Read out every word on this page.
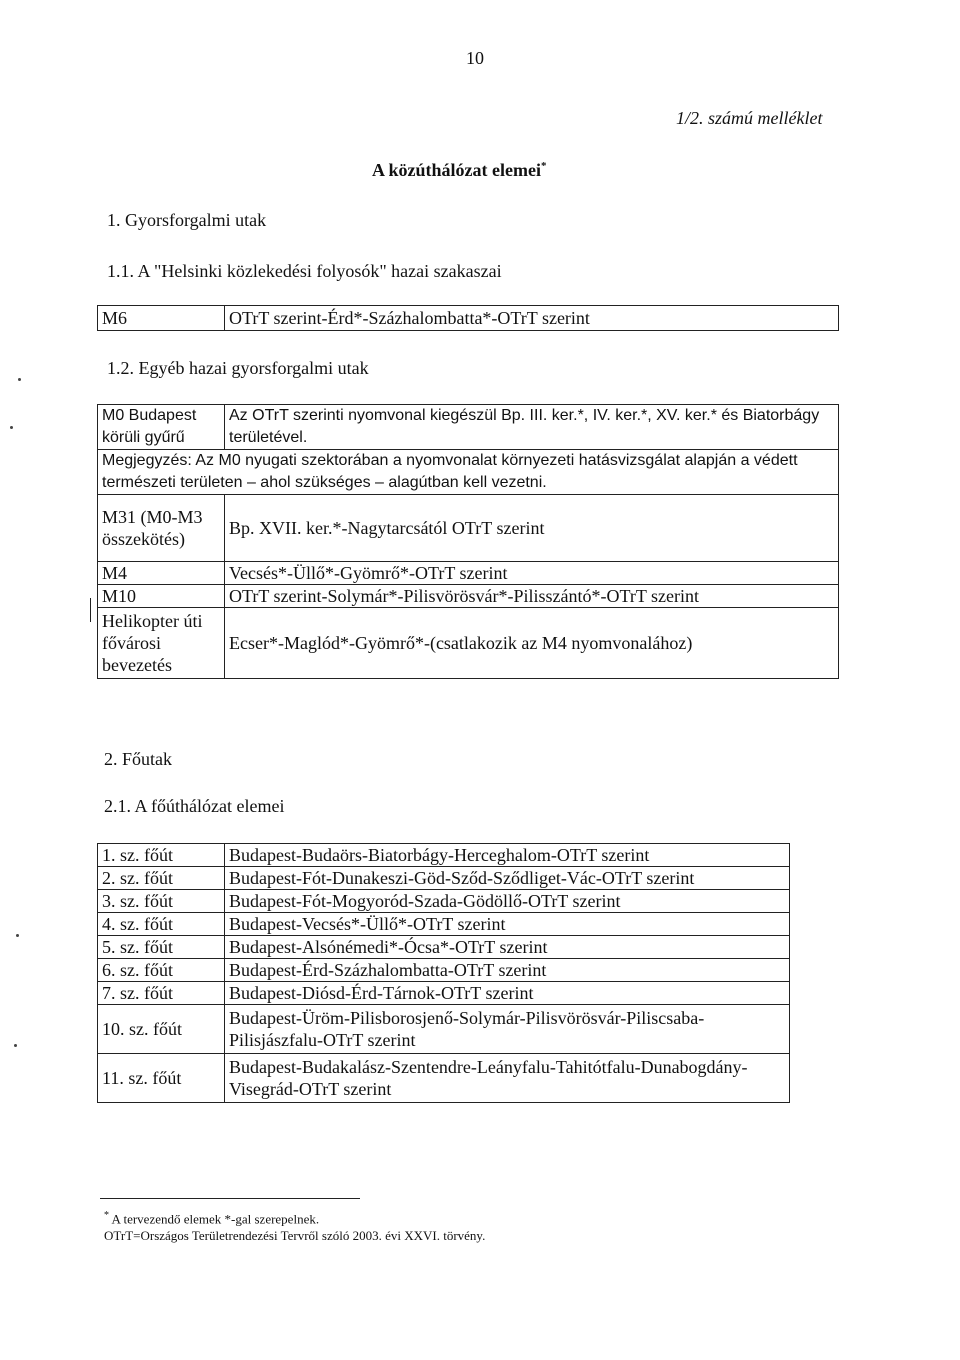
10
1/2. számú melléklet
A közúthálózat elemei*
1. Gyorsforgalmi utak
1.1. A "Helsinki közlekedési folyosók" hazai szakaszai
M6	OTrT szerint-Érd*-Százhalombatta*-OTrT szerint
1.2. Egyéb hazai gyorsforgalmi utak
M0 Budapest körüli gyűrű	Az OTrT szerinti nyomvonal kiegészül Bp. III. ker.*, IV. ker.*, XV. ker.* és Biatorbágy területével.
Megjegyzés: Az M0 nyugati szektorában a nyomvonalat környezeti hatásvizsgálat alapján a védett természeti területen – ahol szükséges – alagútban kell vezetni.	
M31 (M0-M3 összekötés)	Bp. XVII. ker.*-Nagytarcsától OTrT szerint
M4	Vecsés*-Üllő*-Gyömrő*-OTrT szerint
M10	OTrT szerint-Solymár*-Pilisvörösvár*-Pilisszántó*-OTrT szerint
Helikopter úti fővárosi bevezetés	Ecser*-Maglód*-Gyömrő*-(csatlakozik az M4 nyomvonalához)
2. Főutak
2.1. A főúthálózat elemei
1. sz. főút	Budapest-Budaörs-Biatorbágy-Herceghalom-OTrT szerint
2. sz. főút	Budapest-Fót-Dunakeszi-Göd-Sződ-Sződliget-Vác-OTrT szerint
3. sz. főút	Budapest-Fót-Mogyoród-Szada-Gödöllő-OTrT szerint
4. sz. főút	Budapest-Vecsés*-Üllő*-OTrT szerint
5. sz. főút	Budapest-Alsónémedi*-Ócsa*-OTrT szerint
6. sz. főút	Budapest-Érd-Százhalombatta-OTrT szerint
7. sz. főút	Budapest-Diósd-Érd-Tárnok-OTrT szerint
10. sz. főút	Budapest-Üröm-Pilisborosjenő-Solymár-Pilisvörösvár-Piliscsaba-Pilisjászfalu-OTrT szerint
11. sz. főút	Budapest-Budakalász-Szentendre-Leányfalu-Tahitótfalu-Dunabogdány-Visegrád-OTrT szerint
* A tervezendő elemek *-gal szerepelnek.
OTrT=Országos Területrendezési Tervről szóló 2003. évi XXVI. törvény.
